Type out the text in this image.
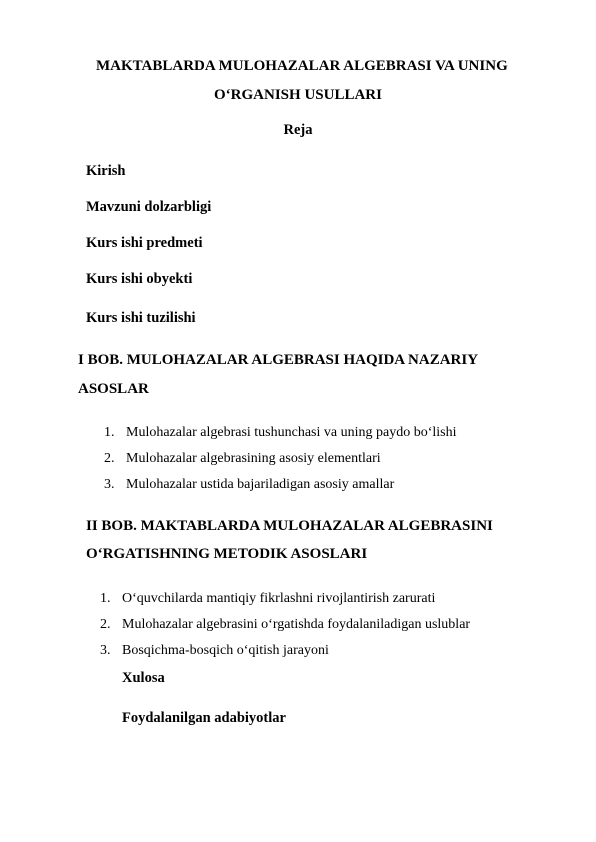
MAKTABLARDA MULOHAZALAR ALGEBRASI VA UNING
O‘RGANISH USULLARI
Reja
Kirish
Mavzuni dolzarbligi
Kurs ishi predmeti
Kurs ishi obyekti
Kurs ishi tuzilishi
I BOB. MULOHAZALAR ALGEBRASI HAQIDA NAZARIY
ASOSLAR
1. Mulohazalar algebrasi tushunchasi va uning paydo bo‘lishi
2. Mulohazalar algebrasining asosiy elementlari
3. Mulohazalar ustida bajariladigan asosiy amallar
II BOB. MAKTABLARDA MULOHAZALAR ALGEBRASINI
O‘RGATISHNING METODIK ASOSLARI
1. O‘quvchilarda mantiqiy fikrlashni rivojlantirish zarurati
2. Mulohazalar algebrasini o‘rgatishda foydalaniladigan uslublar
3. Bosqichma-bosqich o‘qitish jarayoni
Xulosa
Foydalanilgan adabiyotlar
